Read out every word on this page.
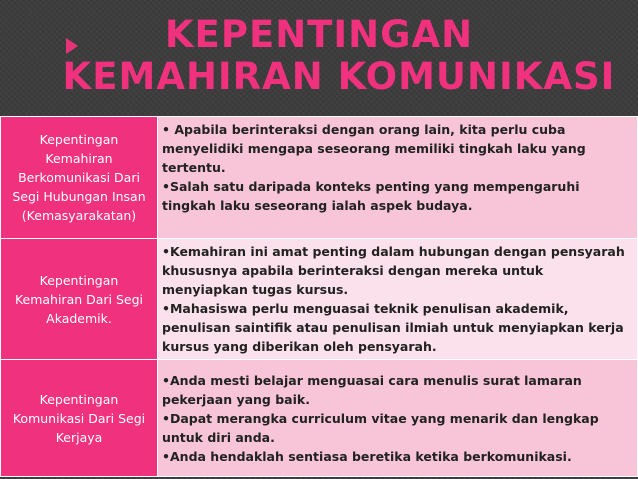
KEPENTINGAN
KEMAHIRAN KOMUNIKASI
Kepentingan Kemahiran Berkomunikasi Dari Segi Hubungan Insan (Kemasyarakatan)	• Apabila berinteraksi dengan orang lain, kita perlu cuba menyelidiki mengapa seseorang memiliki tingkah laku yang tertentu.

•Salah satu daripada konteks penting yang mempengaruhi tingkah laku seseorang ialah aspek budaya.

Kepentingan Kemahiran Dari Segi Akademik.	•Kemahiran ini amat penting dalam hubungan dengan pensyarah khususnya apabila berinteraksi dengan mereka untuk menyiapkan tugas kursus.

•Mahasiswa perlu menguasai teknik penulisan akademik, penulisan saintifik atau penulisan ilmiah untuk menyiapkan kerja kursus yang diberikan oleh pensyarah.

Kepentingan Komunikasi Dari Segi Kerjaya	•Anda mesti belajar menguasai cara menulis surat lamaran pekerjaan yang baik.

•Dapat merangka curriculum vitae yang menarik dan lengkap untuk diri anda.

•Anda hendaklah sentiasa beretika ketika berkomunikasi.
